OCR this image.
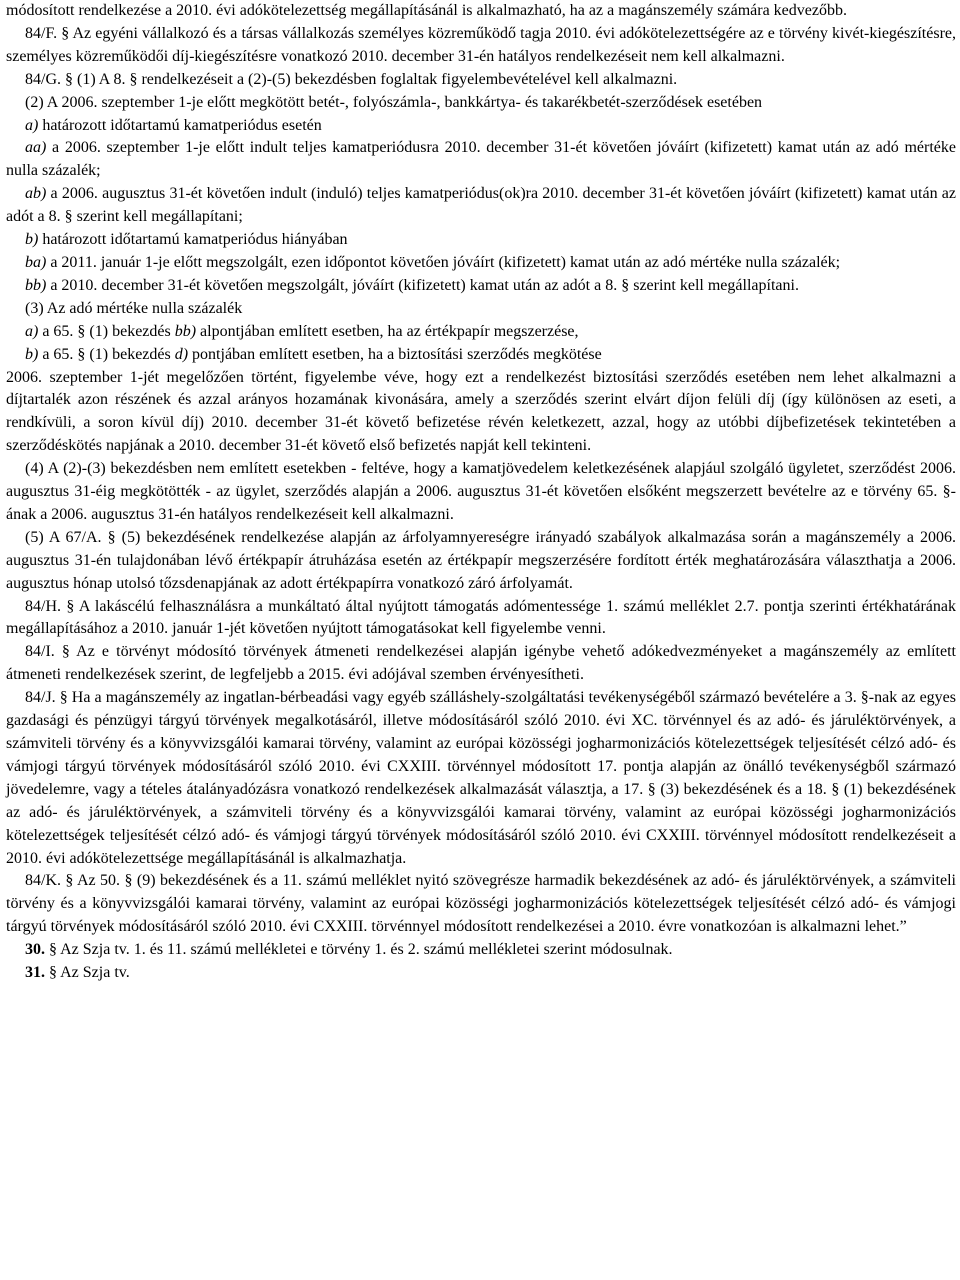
módosított rendelkezése a 2010. évi adókötelezettség megállapításánál is alkalmazható, ha az a magánszemély számára kedvezőbb.

84/F. § Az egyéni vállalkozó és a társas vállalkozás személyes közreműködő tagja 2010. évi adókötelezettségére az e törvény kivét-kiegészítésre, személyes közreműködői díj-kiegészítésre vonatkozó 2010. december 31-én hatályos rendelkezéseit nem kell alkalmazni.

84/G. § (1) A 8. § rendelkezéseit a (2)-(5) bekezdésben foglaltak figyelembevételével kell alkalmazni.

(2) A 2006. szeptember 1-je előtt megkötött betét-, folyószámla-, bankkártya- és takarékbetét-szerződések esetében

a) határozott időtartamú kamatperiódus esetén

aa) a 2006. szeptember 1-je előtt indult teljes kamatperiódusra 2010. december 31-ét követően jóváírt (kifizetett) kamat után az adó mértéke nulla százalék;

ab) a 2006. augusztus 31-ét követően indult (induló) teljes kamatperiódus(ok)ra 2010. december 31-ét követően jóváírt (kifizetett) kamat után az adót a 8. § szerint kell megállapítani;

b) határozott időtartamú kamatperiódus hiányában

ba) a 2011. január 1-je előtt megszolgált, ezen időpontot követően jóváírt (kifizetett) kamat után az adó mértéke nulla százalék;

bb) a 2010. december 31-ét követően megszolgált, jóváírt (kifizetett) kamat után az adót a 8. § szerint kell megállapítani.

(3) Az adó mértéke nulla százalék

a) a 65. § (1) bekezdés bb) alpontjában említett esetben, ha az értékpapír megszerzése,

b) a 65. § (1) bekezdés d) pontjában említett esetben, ha a biztosítási szerződés megkötése

2006. szeptember 1-jét megelőzően történt, figyelembe véve, hogy ezt a rendelkezést biztosítási szerződés esetében nem lehet alkalmazni a díjtartalék azon részének és azzal arányos hozamának kivonására, amely a szerződés szerint elvárt díjon felüli díj (így különösen az eseti, a rendkívüli, a soron kívül díj) 2010. december 31-ét követő befizetése révén keletkezett, azzal, hogy az utóbbi díjbefizetések tekintetében a szerződéskötés napjának a 2010. december 31-ét követő első befizetés napját kell tekinteni.

(4) A (2)-(3) bekezdésben nem említett esetekben - feltéve, hogy a kamatjövedelem keletkezésének alapjául szolgáló ügyletet, szerződést 2006. augusztus 31-éig megkötötték - az ügylet, szerződés alapján a 2006. augusztus 31-ét követően elsőként megszerzett bevételre az e törvény 65. §-ának a 2006. augusztus 31-én hatályos rendelkezéseit kell alkalmazni.

(5) A 67/A. § (5) bekezdésének rendelkezése alapján az árfolyamnyereségre irányadó szabályok alkalmazása során a magánszemély a 2006. augusztus 31-én tulajdonában lévő értékpapír átruházása esetén az értékpapír megszerzésére fordított érték meghatározására választhatja a 2006. augusztus hónap utolsó tőzsdenapjának az adott értékpapírra vonatkozó záró árfolyamát.

84/H. § A lakáscélú felhasználásra a munkáltató által nyújtott támogatás adómentessége 1. számú melléklet 2.7. pontja szerinti értékhatárának megállapításához a 2010. január 1-jét követően nyújtott támogatásokat kell figyelembe venni.

84/I. § Az e törvényt módosító törvények átmeneti rendelkezései alapján igénybe vehető adókedvezményeket a magánszemély az említett átmeneti rendelkezések szerint, de legfeljebb a 2015. évi adójával szemben érvényesítheti.

84/J. § Ha a magánszemély az ingatlan-bérbeadási vagy egyéb szálláshely-szolgáltatási tevékenységéből származó bevételére a 3. §-nak az egyes gazdasági és pénzügyi tárgyú törvények megalkotásáról, illetve módosításáról szóló 2010. évi XC. törvénnyel és az adó- és járuléktörvények, a számviteli törvény és a könyvvizsgálói kamarai törvény, valamint az európai közösségi jogharmonizációs kötelezettségek teljesítését célzó adó- és vámjogi tárgyú törvények módosításáról szóló 2010. évi CXXIII. törvénnyel módosított 17. pontja alapján az önálló tevékenységből származó jövedelemre, vagy a tételes átalányadózásra vonatkozó rendelkezések alkalmazását választja, a 17. § (3) bekezdésének és a 18. § (1) bekezdésének az adó- és járuléktörvények, a számviteli törvény és a könyvvizsgálói kamarai törvény, valamint az európai közösségi jogharmonizációs kötelezettségek teljesítését célzó adó- és vámjogi tárgyú törvények módosításáról szóló 2010. évi CXXIII. törvénnyel módosított rendelkezéseit a 2010. évi adókötelezettsége megállapításánál is alkalmazhatja.

84/K. § Az 50. § (9) bekezdésének és a 11. számú melléklet nyitó szövegrésze harmadik bekezdésének az adó- és járuléktörvények, a számviteli törvény és a könyvvizsgálói kamarai törvény, valamint az európai közösségi jogharmonizációs kötelezettségek teljesítését célzó adó- és vámjogi tárgyú törvények módosításáról szóló 2010. évi CXXIII. törvénnyel módosított rendelkezései a 2010. évre vonatkozóan is alkalmazni lehet.”

30. § Az Szja tv. 1. és 11. számú mellékletei e törvény 1. és 2. számú mellékletei szerint módosulnak.

31. § Az Szja tv.
